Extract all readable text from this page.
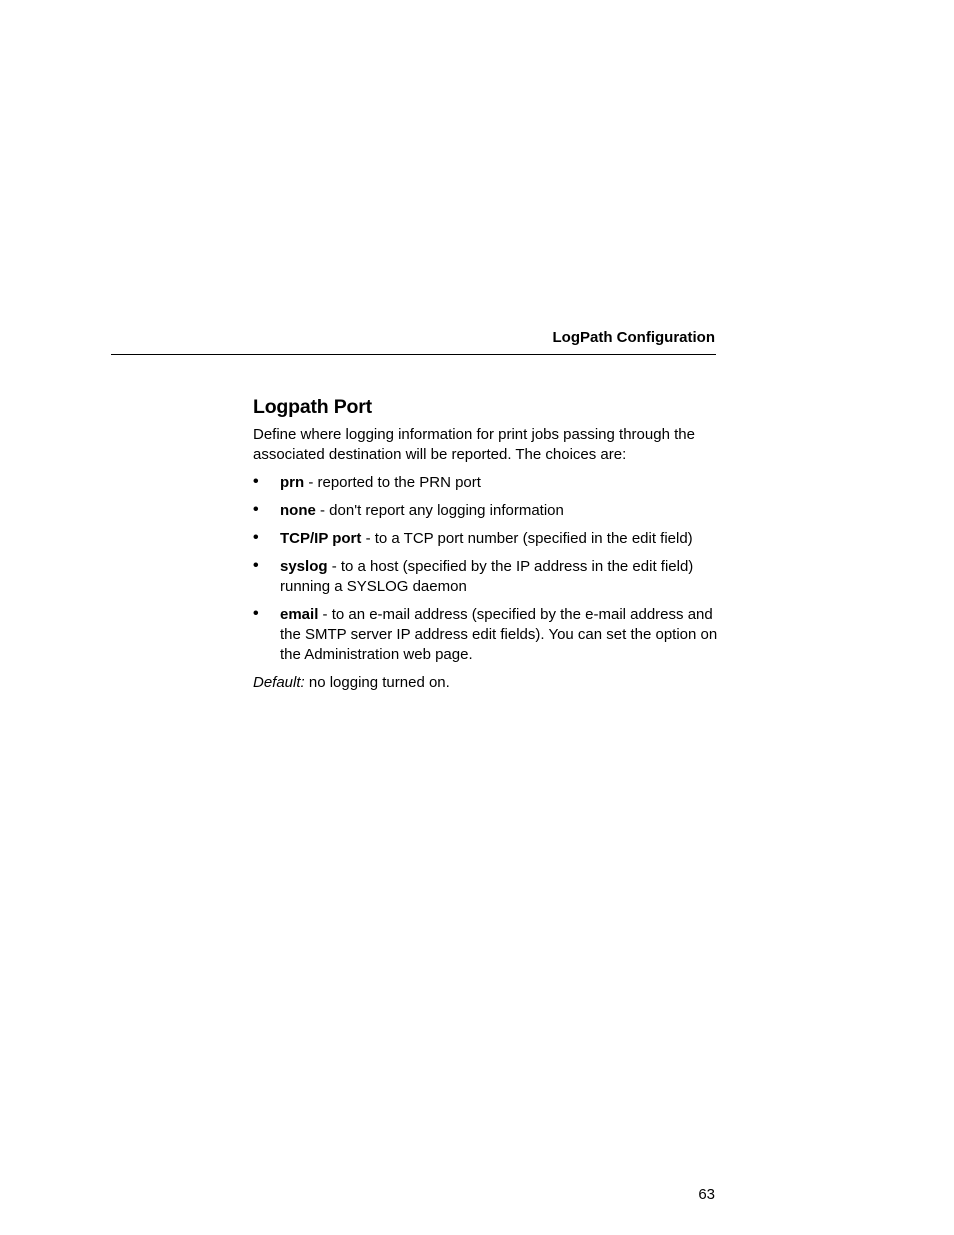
LogPath Configuration
Logpath Port

Define where logging information for print jobs passing through the associated destination will be reported. The choices are:

• prn - reported to the PRN port
• none - don't report any logging information
• TCP/IP port - to a TCP port number (specified in the edit field)
• syslog - to a host (specified by the IP address in the edit field) running a SYSLOG daemon
• email - to an e-mail address (specified by the e-mail address and the SMTP server IP address edit fields). You can set the option on the Administration web page.

Default: no logging turned on.

63
